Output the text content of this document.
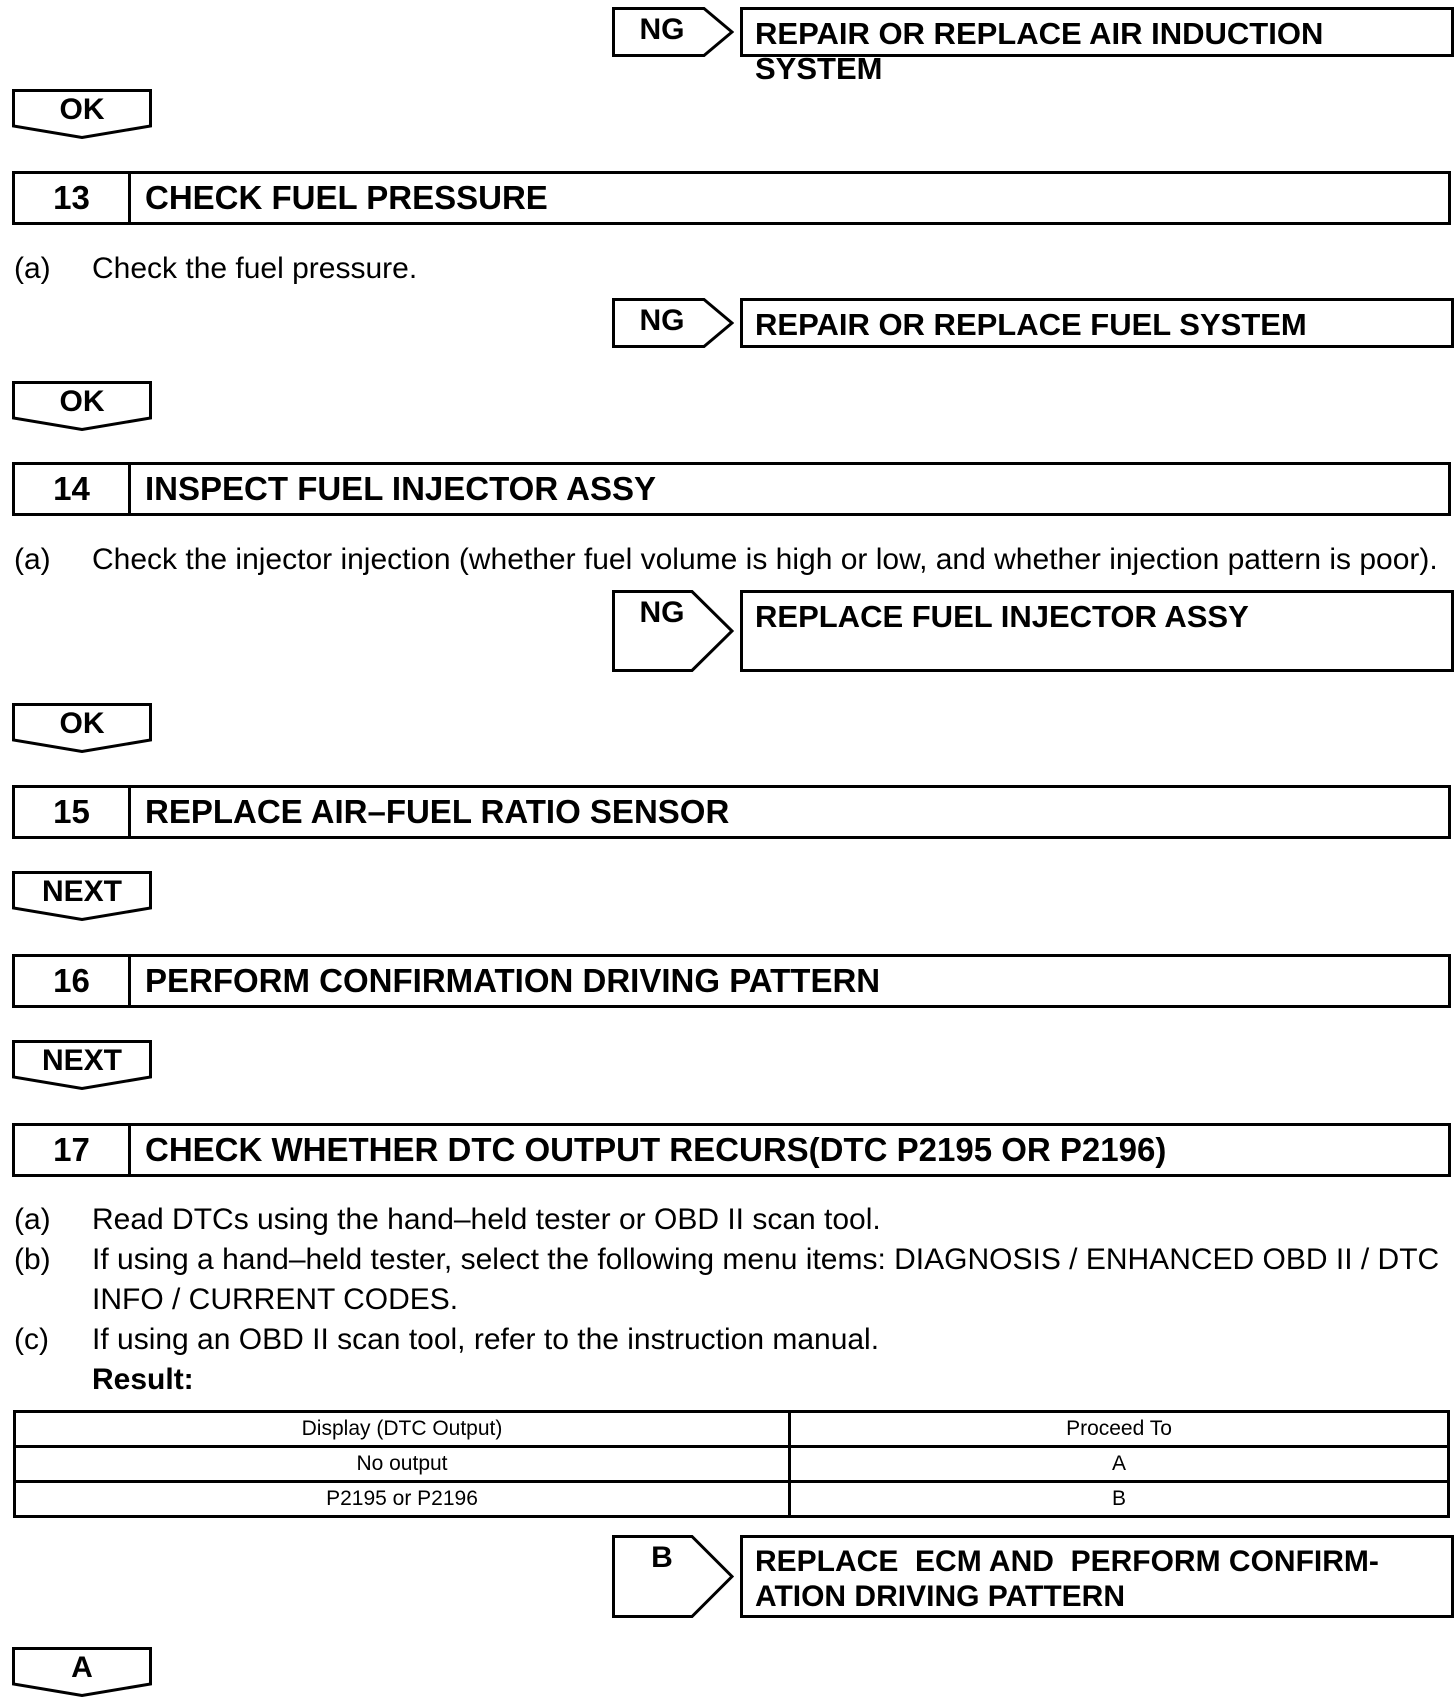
NG	REPAIR OR REPLACE AIR INDUCTION SYSTEM
OK
13	CHECK FUEL PRESSURE
(a) Check the fuel pressure.
NG	REPAIR OR REPLACE FUEL SYSTEM
OK
14	INSPECT FUEL INJECTOR ASSY
(a) Check the injector injection (whether fuel volume is high or low, and whether injection pattern is poor).
NG	REPLACE FUEL INJECTOR ASSY
OK
15	REPLACE AIR–FUEL RATIO SENSOR
NEXT
16	PERFORM CONFIRMATION DRIVING PATTERN
NEXT
17	CHECK WHETHER DTC OUTPUT RECURS(DTC P2195 OR P2196)
(a) Read DTCs using the hand–held tester or OBD II scan tool.
(b) If using a hand–held tester, select the following menu items: DIAGNOSIS / ENHANCED OBD II / DTC
INFO / CURRENT CODES.
(c) If using an OBD II scan tool, refer to the instruction manual.
Result:
Display (DTC Output)	Proceed To
No output	A
P2195 or P2196	B
B	REPLACE  ECM AND  PERFORM CONFIRM-
ATION DRIVING PATTERN
A
